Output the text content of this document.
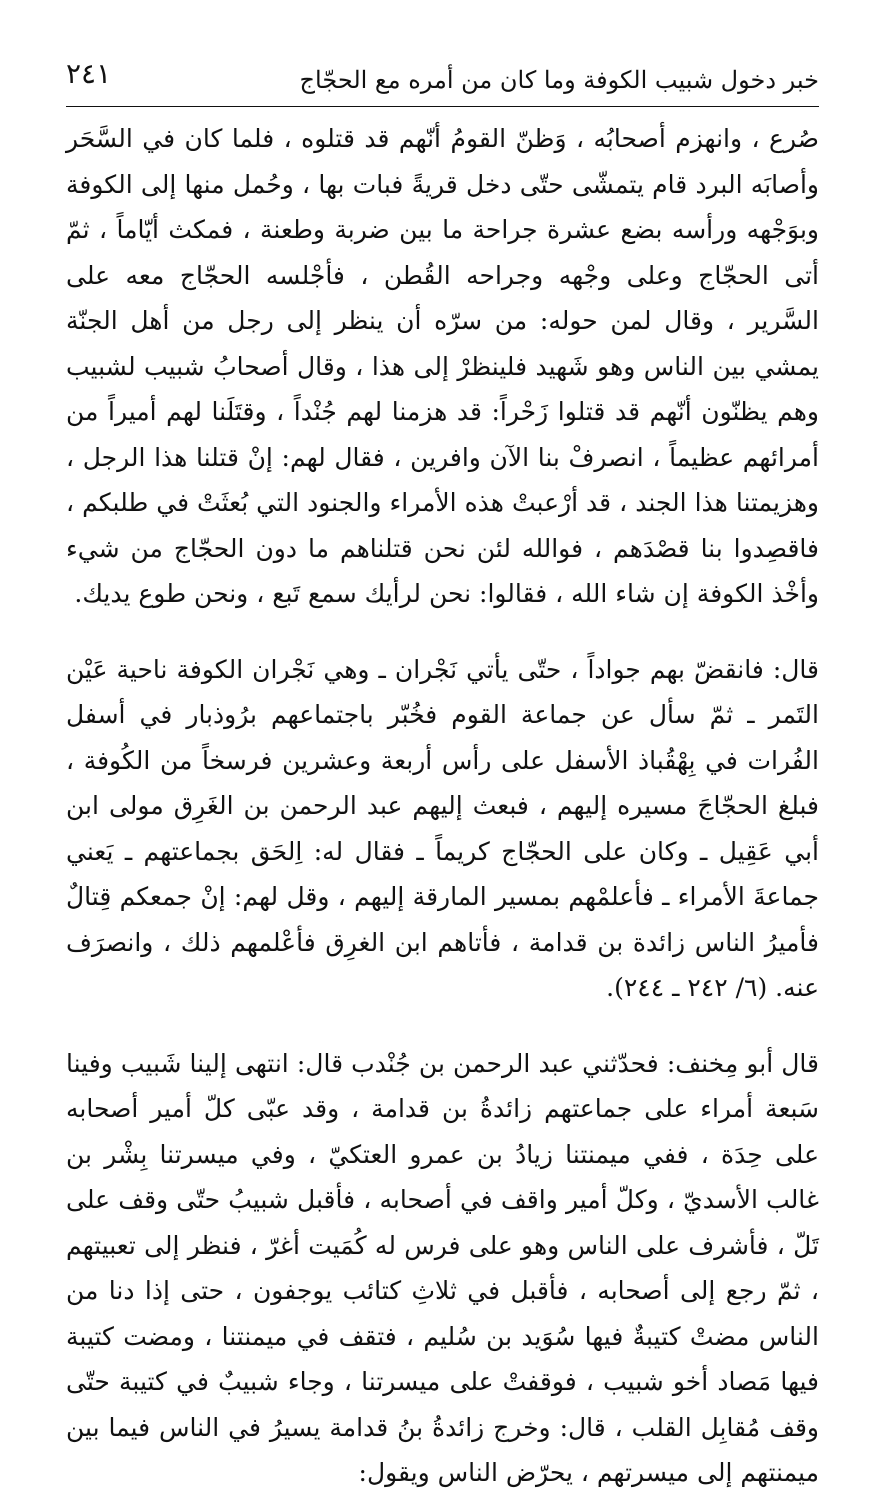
خبر دخول شبيب الكوفة وما كان من أمره مع الحجّاج
٢٤١

صُرع ، وانهزم أصحابُه ، وَظنّ القومُ أنّهم قد قتلوه ، فلما كان في السَّحَر وأصابَه البرد قام يتمشّى حتّى دخل قريةً فبات بها ، وحُمل منها إلى الكوفة وبوَجْهه ورأسه بضع عشرة جراحة ما بين ضربة وطعنة ، فمكث أيّاماً ، ثمّ أتى الحجّاج وعلى وجْهه وجراحه القُطن ، فأجْلسه الحجّاج معه على السَّرير ، وقال لمن حوله: من سرّه أن ينظر إلى رجل من أهل الجنّة يمشي بين الناس وهو شَهيد فلينظرْ إلى هذا ، وقال أصحابُ شبيب لشبيب وهم يظنّون أنّهم قد قتلوا زَحْراً: قد هزمنا لهم جُنْداً ، وقتَلَنا لهم أميراً من أمرائهم عظيماً ، انصرفْ بنا الآن وافرين ، فقال لهم: إنْ قتلنا هذا الرجل ، وهزيمتنا هذا الجند ، قد أرْعبتْ هذه الأمراء والجنود التي بُعثَتْ في طلبكم ، فاقصِدوا بنا قصْدَهم ، فوالله لئن نحن قتلناهم ما دون الحجّاج من شيء وأخْذ الكوفة إن شاء الله ، فقالوا: نحن لرأيك سمع تَبع ، ونحن طوع يديك.

قال: فانقضّ بهم جواداً ، حتّى يأتي نَجْران ـ وهي نَجْران الكوفة ناحية عَيْن التَمر ـ ثمّ سأل عن جماعة القوم فخُبّر باجتماعهم برُوذبار في أسفل الفُرات في بِهْقُباذ الأسفل على رأس أربعة وعشرين فرسخاً من الكُوفة ، فبلغ الحجّاجَ مسيره إليهم ، فبعث إليهم عبد الرحمن بن الغَرِق مولى ابن أبي عَقِيل ـ وكان على الحجّاج كريماً ـ فقال له: اِلحَق بجماعتهم ـ يَعني جماعةَ الأمراء ـ فأعلمْهم بمسير المارقة إليهم ، وقل لهم: إنْ جمعكم قِتالٌ فأميرُ الناس زائدة بن قدامة ، فأتاهم ابن الغرِق فأعْلمهم ذلك ، وانصرَف عنه. (٦/ ٢٤٢ ـ ٢٤٤).

قال أبو مِخنف: فحدّثني عبد الرحمن بن جُنْدب قال: انتهى إلينا شَبيب وفينا سَبعة أمراء على جماعتهم زائدةُ بن قدامة ، وقد عبّى كلّ أمير أصحابه على حِدَة ، ففي ميمنتنا زيادُ بن عمرو العتكيّ ، وفي ميسرتنا بِشْر بن غالب الأسديّ ، وكلّ أمير واقف في أصحابه ، فأقبل شبيبُ حتّى وقف على تَلّ ، فأشرف على الناس وهو على فرس له كُمَيت أغرّ ، فنظر إلى تعبيتهم ، ثمّ رجع إلى أصحابه ، فأقبل في ثلاثِ كتائب يوجفون ، حتى إذا دنا من الناس مضتْ كتيبةٌ فيها سُوَيد بن سُليم ، فتقف في ميمنتنا ، ومضت كتيبة فيها مَصاد أخو شبيب ، فوقفتْ على ميسرتنا ، وجاء شبيبٌ في كتيبة حتّى وقف مُقابِل القلب ، قال: وخرج زائدةُ بنُ قدامة يسيرُ في الناس فيما بين ميمنتهم إلى ميسرتهم ، يحرّض الناس ويقول:
